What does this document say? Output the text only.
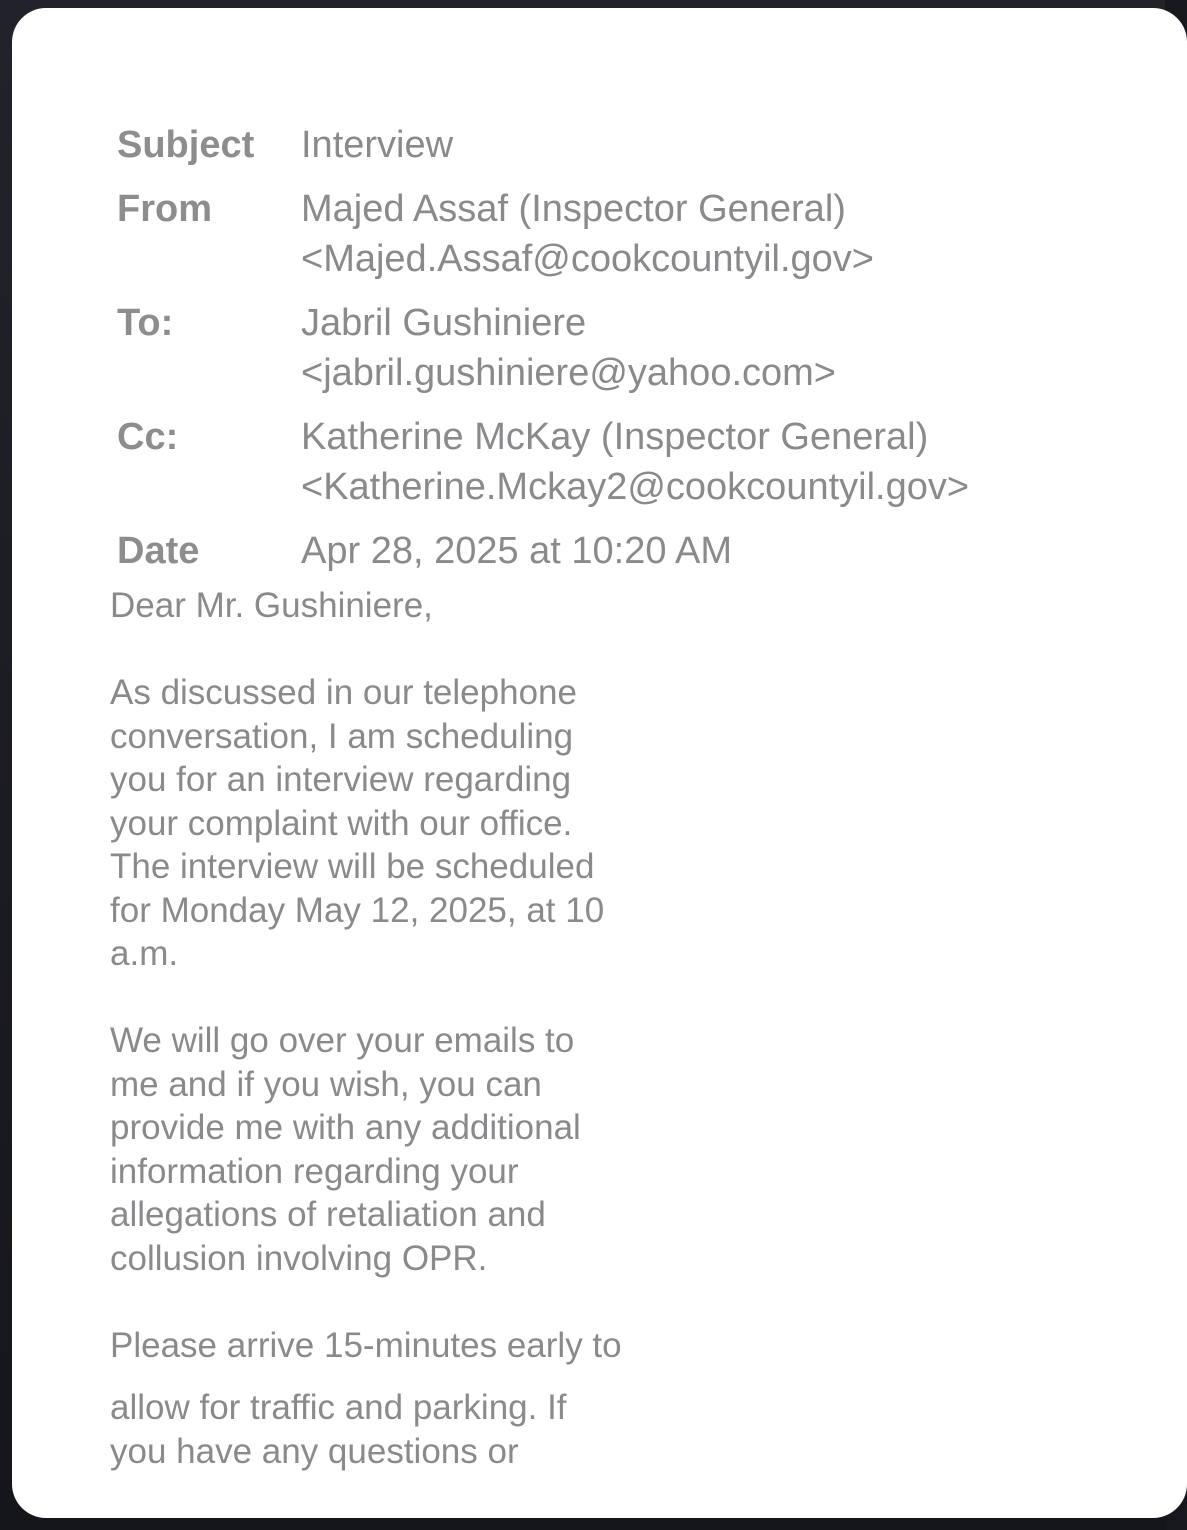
Subject	Interview
From	Majed Assaf (Inspector General)
<Majed.Assaf@cookcountyil.gov>
To:	Jabril Gushiniere
<jabril.gushiniere@yahoo.com>
Cc:	Katherine McKay (Inspector General)
<Katherine.Mckay2@cookcountyil.gov>
Date	Apr 28, 2025 at 10:20 AM

Dear Mr. Gushiniere,

As discussed in our telephone
conversation, I am scheduling
you for an interview regarding
your complaint with our office.
The interview will be scheduled
for Monday May 12, 2025, at 10
a.m.

We will go over your emails to
me and if you wish, you can
provide me with any additional
information regarding your
allegations of retaliation and
collusion involving OPR.

Please arrive 15-minutes early to

allow for traffic and parking. If
you have any questions or
